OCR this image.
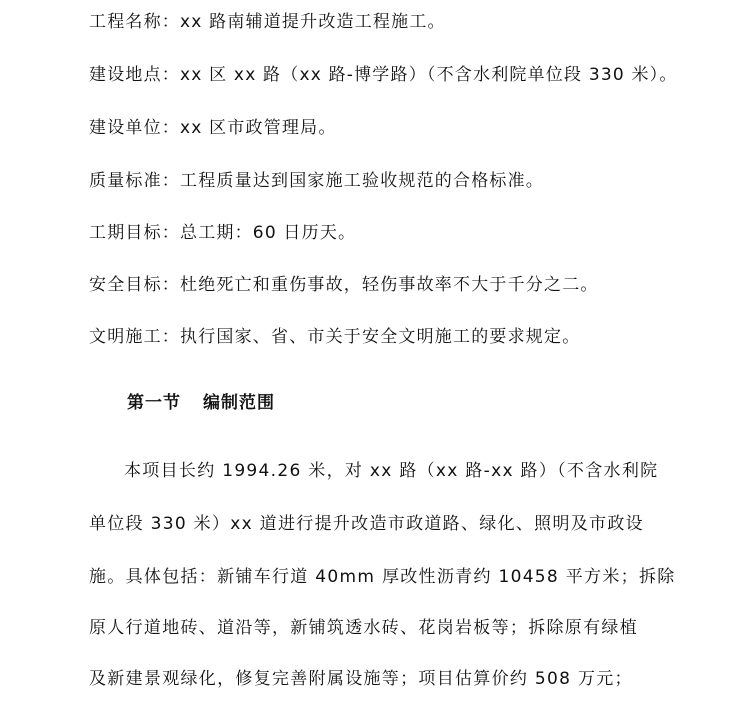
工程名称：xx 路南辅道提升改造工程施工。
建设地点：xx 区 xx 路（xx 路-博学路）（不含水利院单位段 330 米）。
建设单位：xx 区市政管理局。
质量标准：工程质量达到国家施工验收规范的合格标准。
工期目标：总工期：60 日历天。
安全目标：杜绝死亡和重伤事故，轻伤事故率不大于千分之二。
文明施工：执行国家、省、市关于安全文明施工的要求规定。
第一节 编制范围
本项目长约 1994.26 米，对 xx 路（xx 路-xx 路）（不含水利院
单位段 330 米）xx 道进行提升改造市政道路、绿化、照明及市政设
施。具体包括：新铺车行道 40mm 厚改性沥青约 10458 平方米；拆除
原人行道地砖、道沿等，新铺筑透水砖、花岗岩板等；拆除原有绿植
及新建景观绿化，修复完善附属设施等；项目估算价约 508 万元；
